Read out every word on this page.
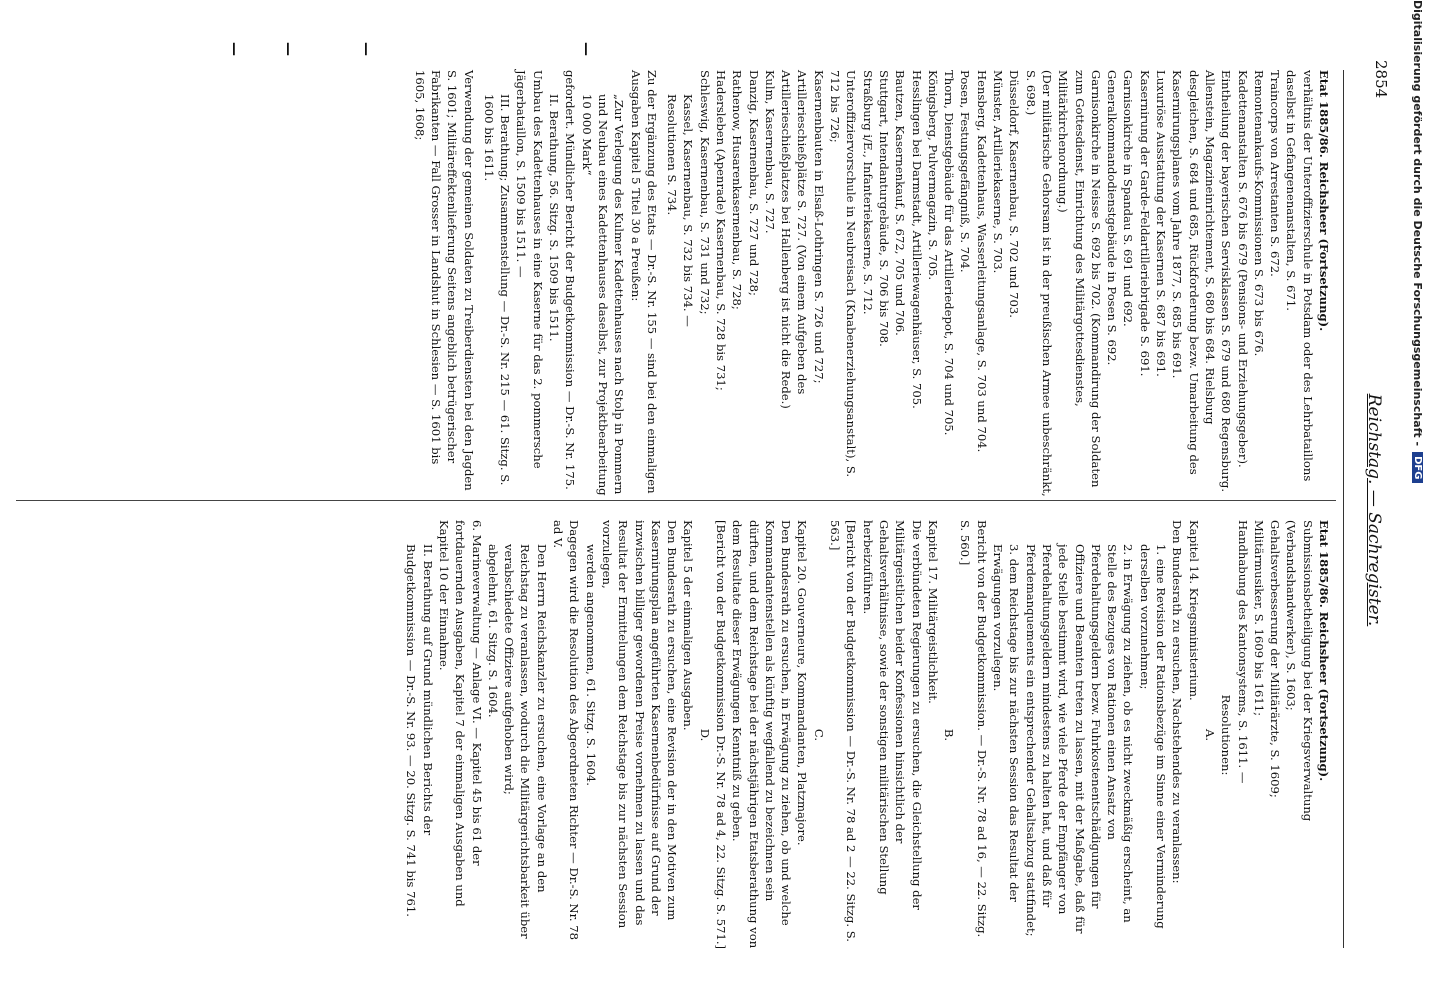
Digitalisierung gefördert durch die Deutsche Forschungsgemeinschaft -
DFG
2854
Reichstag. — Sachregister.

Etat 1885/86. Reichsheer (Fortsetzung).

verhältnis der Unteroffizierschule in Potsdam oder des Lehrbataillons daselbst in Gefangenenanstalten, S. 671.

Traincorps von Arrestanten S. 672.

Remontenankaufs-Kommissionen S. 673 bis 676.

Kadettenanstalten S. 676 bis 679 (Pensions- und Erziehungsgeber).

Eintheilung der bayerischen Servisklassen S. 679 und 680 Regensburg.

Allenstein, Magazineinrichtement, S. 680 bis 684. Rielsburg desgleichen, S. 684 und 685, Rückforderung bezw. Umarbeitung des Kasernirungsplanes vom Jahre 1877, S. 685 bis 691.

Luxuriöse Ausstattung der Kasernen S. 687 bis 691.

Kasernirung der Garde-Feldartilleriebrigade S. 691.

Garnisonkirche in Spandau S. 691 und 692.

Generalkommandodienstgebäude in Posen S. 692.

Garnisonkirche in Neisse S. 692 bis 702. (Kommandirung der Soldaten zum Gottesdienst, Einrichtung des Militärgottesdienstes, Militärkirchenordnung.)

(Der militärische Gehorsam ist in der preußischen Armee unbeschränkt, S. 698.)

Düsseldorf, Kasernenbau, S. 702 und 703.

Münster, Artilleriekaserne, S. 703.

Hensberg, Kadettenhaus, Wasserleitungsanlage, S. 703 und 704.

Posen, Festungsgefängniß, S. 704.

Thorn, Dienstgebäude für das Artilleriedepot, S. 704 und 705.

Königsberg, Pulvermagazin, S. 705.

Hesslingen bei Darmstadt, Artilleriewagenhäuser, S. 705.

Bautzen, Kasernenkauf, S. 672, 705 und 706.

Stuttgart, Intendanturgebäude, S. 706 bis 708.

Straßburg i/E., Infanteriekaserne, S. 712.

Unteroffiziervorschule in Neubreisach (Knabenerziehungsanstalt), S. 712 bis 726;

Kasernenbauten in Elsaß-Lothringen S. 726 und 727; Artillerieschießplätze S. 727. (Von einem Aufgeben des Artillerieschießplatzes bei Hallenberg ist nicht die Rede.)

Kulm, Kasernenbau, S. 727.

Danzig, Kasernenbau, S. 727 und 728;

Rathenow, Husarenkasernenbau, S. 728;

Hadersleben (Apenrade) Kasernenbau, S. 728 bis 731;

Schleswig, Kasernenbau, S. 731 und 732;

Kassel, Kasernenbau, S. 732 bis 734. —

Resolutionen S. 734.

Zu der Ergänzung des Etats — Dr.-S. Nr. 155 — sind bei den einmaligen Ausgaben Kapitel 5 Titel 30 a Preußen:

„Zur Verlegung des Kulmer Kadettenhauses nach Stolp in Pommern und Neubau eines Kadettenhauses daselbst, zur Projektbearbeitung 10 000 Mark“

gefordert. Mündlicher Bericht der Budgetkommission — Dr.-S. Nr. 175.

II. Berathung, 56. Sitzg. S. 1509 bis 1511.

Umbau des Kadettenhauses in eine Kaserne für das 2. pommersche Jägerbataillon, S. 1509 bis 1511. —

III. Berathung; Zusammenstellung — Dr.-S. Nr. 215 — 61. Sitzg. S. 1600 bis 1611.

Verwendung der gemeinen Soldaten zu Treiberdiensten bei den Jagden S. 1601; Militäreffektenlieferung Seitens angeblich betrügerischer Fabrikanten — Fall Grosser in Landshut in Schlesien — S. 1601 bis 1605, 1608;

Etat 1885/86. Reichsheer (Fortsetzung).

Submissionsbetheiligung bei der Kriegsverwaltung (Verbandshandwerker), S. 1603;

Gehaltsverbesserung der Militärärzte, S. 1609;

Militärmusiker, S. 1609 bis 1611;

Handhabung des Kantonsystems, S. 1611. —

Resolutionen:

A.

Kapitel 14. Kriegsministerium.

Den Bundesrath zu ersuchen, Nachstehendes zu veranlassen:

1. eine Revision der Rationsbezüge im Sinne einer Verminderung derselben vorzunehmen;

2. in Erwägung zu ziehen, ob es nicht zweckmäßig erscheint, an Stelle des Bezuges von Rationen einen Ansatz von Pferdehaltungsgeldern bezw. Fuhrkostenentschädigungen für Offiziere und Beamten treten zu lassen, mit der Maßgabe, daß für jede Stelle bestimmt wird, wie viele Pferde der Empfänger von Pferdehaltungsgeldern mindestens zu halten hat, und daß für Pferdemanquements ein entsprechender Gehaltsabzug stattfindet;

3. dem Reichstage bis zur nächsten Session das Resultat der Erwägungen vorzulegen.

Bericht von der Budgetkommission. — Dr.-S. Nr. 78 ad 16, — 22. Sitzg. S. 560.]

B.

Kapitel 17. Militärgeistlichkeit.

Die verbündeten Regierungen zu ersuchen, die Gleichstellung der Militärgeistlichen beider Konfessionen hinsichtlich der Gehaltsverhältnisse, sowie der sonstigen militärischen Stellung herbeizuführen.

[Bericht von der Budgetkommission — Dr.-S. Nr. 78 ad 2 — 22. Sitzg. S. 563.]

C.

Kapitel 20. Gouverneure, Kommandanten, Platzmajore.

Den Bundesrath zu ersuchen, in Erwägung zu ziehen, ob und welche Kommandantenstellen als künftig wegfallend zu bezeichnen sein dürften, und dem Reichstage bei der nächstjährigen Etatsberathung von dem Resultate dieser Erwägungen Kenntniß zu geben.

[Bericht von der Budgetkommission Dr.-S. Nr. 78 ad 4, 22. Sitzg. S. 571.]

D.

Kapitel 5 der einmaligen Ausgaben.

Den Bundesrath zu ersuchen, eine Revision der in den Motiven zum Kasernirungsplan angeführten Kasernenbedürfnisse auf Grund der inzwischen billiger gewordenen Preise vornehmen zu lassen und das Resultat der Ermittelungen dem Reichstage bis zur nächsten Session vorzulegen,

werden angenommen, 61. Sitzg. S. 1604.

Dagegen wird die Resolution des Abgeordneten Richter — Dr.-S. Nr. 78 ad V.

Den Herrn Reichskanzler zu ersuchen, eine Vorlage an den Reichstag zu veranlassen, wodurch die Militärgerichtsbarkeit über verabschiedete Offiziere aufgehoben wird;

abgelehnt, 61. Sitzg. S. 1604.

6. Marineverwaltung — Anlage VI. — Kapitel 45 bis 61 der fortdauernden Ausgaben, Kapitel 7 der einmaligen Ausgaben und Kapitel 10 der Einnahme.

II. Berathung auf Grund mündlichen Berichts der Budgetkommission — Dr.-S. Nr. 93. — 20. Sitzg. S. 741 bis 761.

—
—
—
—
